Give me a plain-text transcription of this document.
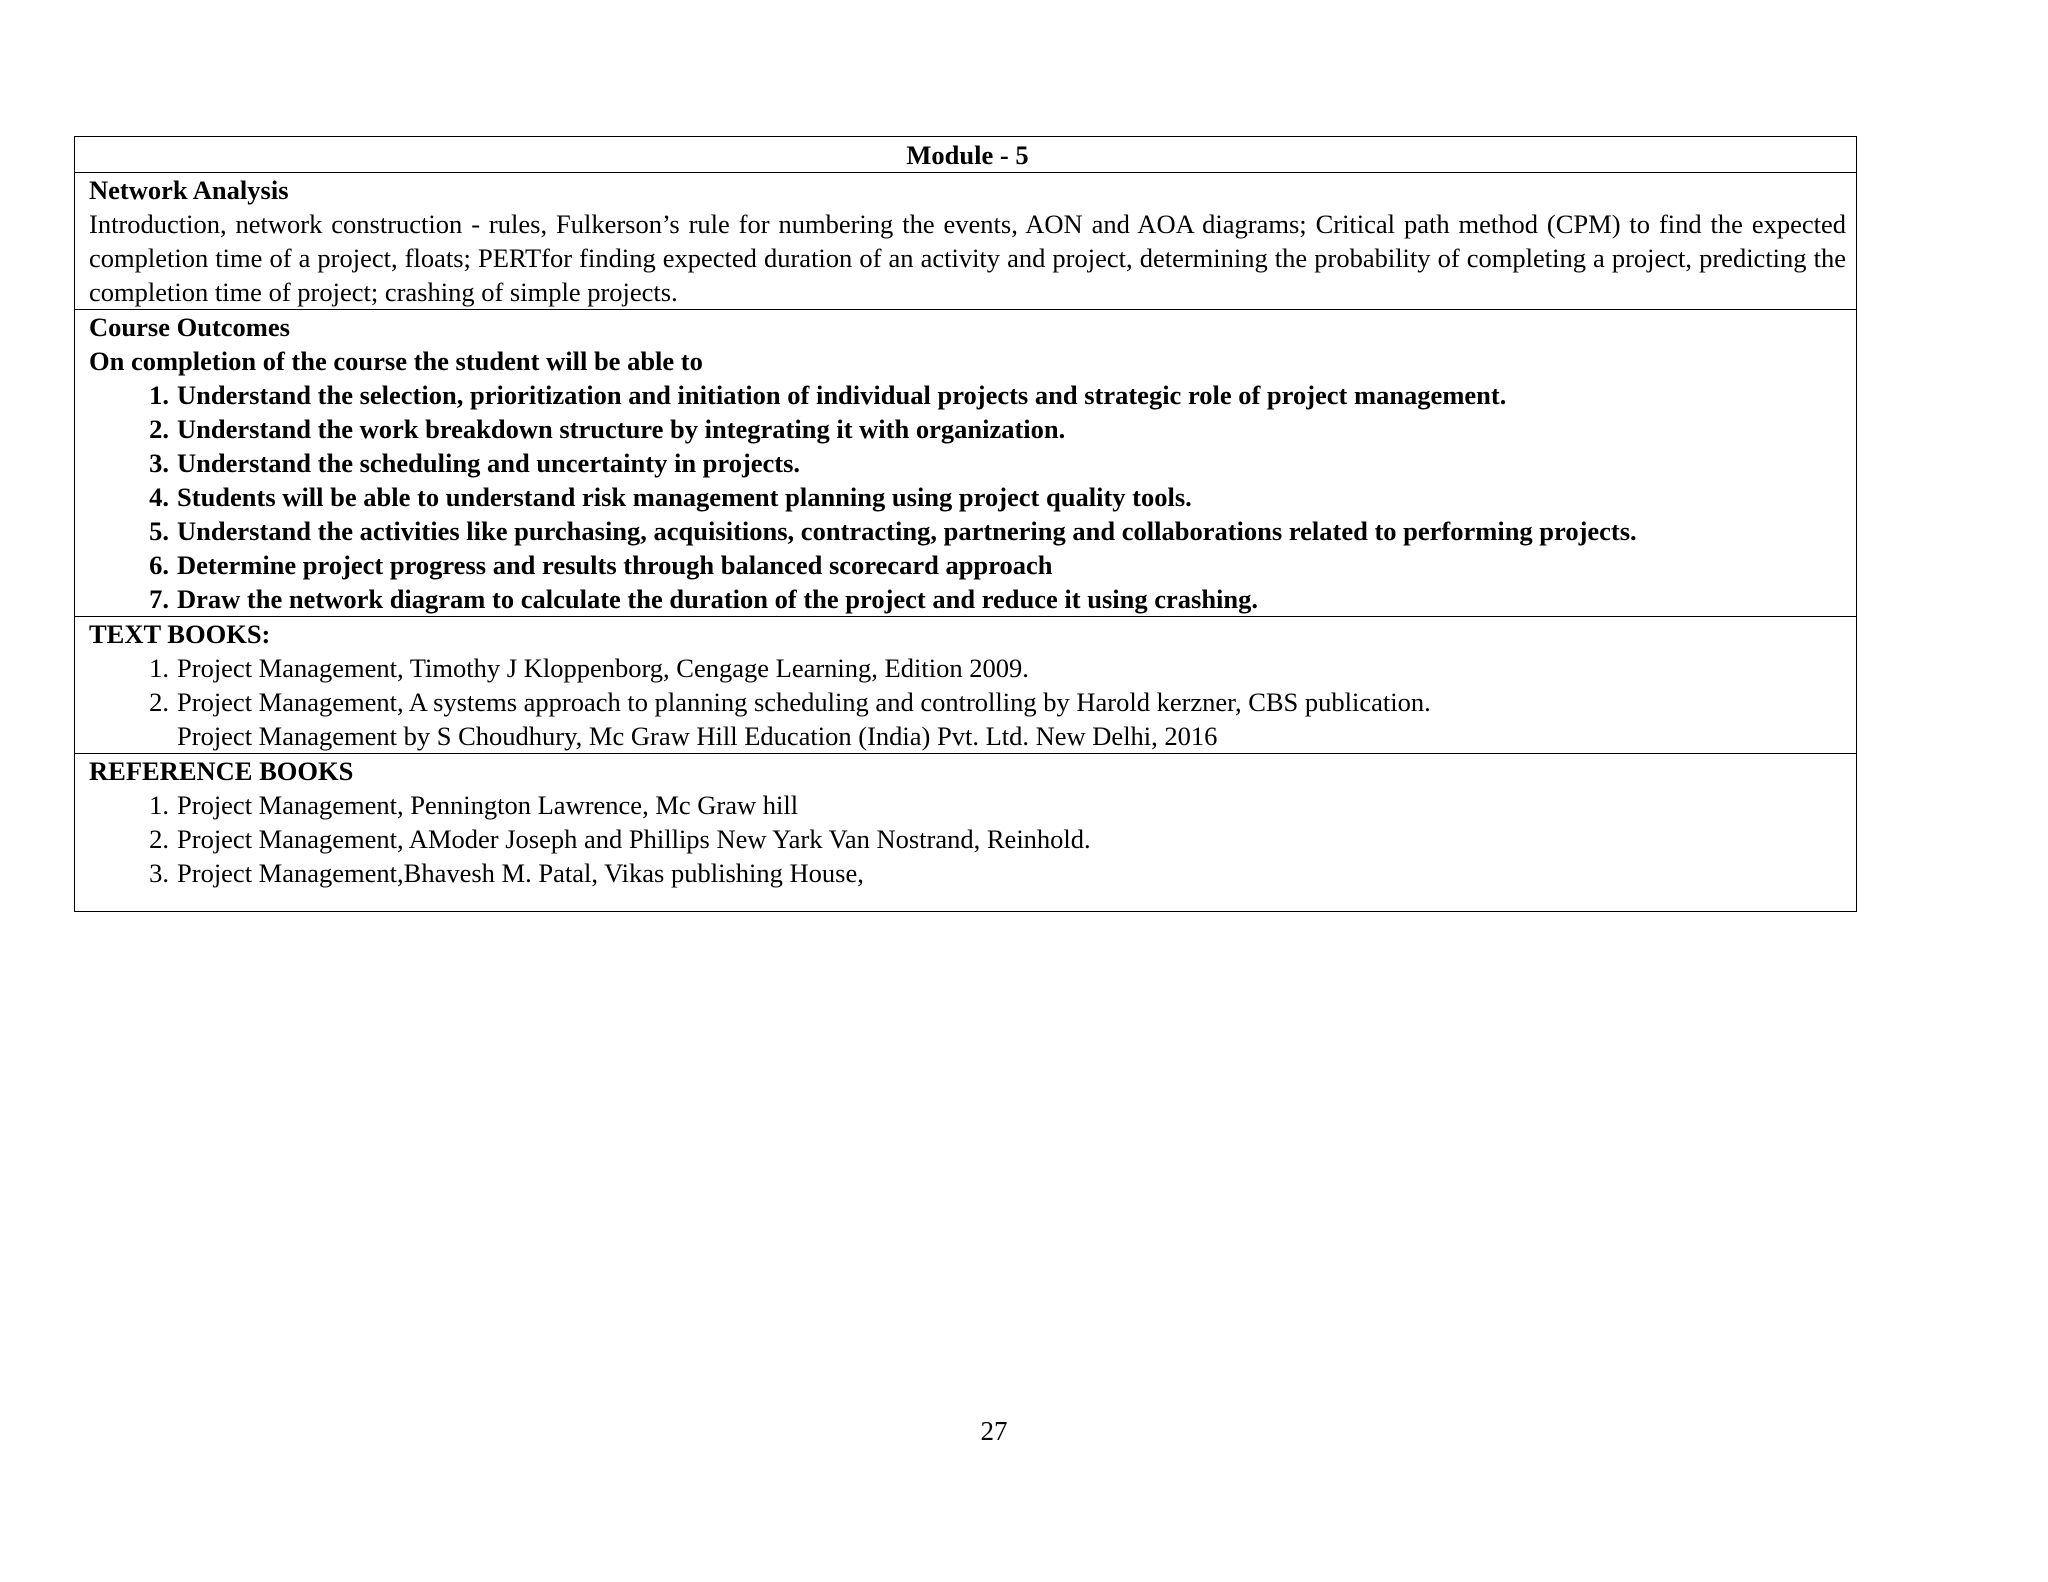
Module - 5
Network Analysis
Introduction, network construction - rules, Fulkerson’s rule for numbering the events, AON and AOA diagrams; Critical path method (CPM) to find the expected completion time of a project, floats; PERTfor finding expected duration of an activity and project, determining the probability of completing a project, predicting the completion time of project; crashing of simple projects.
Course Outcomes
On completion of the course the student will be able to
1. Understand the selection, prioritization and initiation of individual projects and strategic role of project management.
2. Understand the work breakdown structure by integrating it with organization.
3. Understand the scheduling and uncertainty in projects.
4. Students will be able to understand risk management planning using project quality tools.
5. Understand the activities like purchasing, acquisitions, contracting, partnering and collaborations related to performing projects.
6. Determine project progress and results through balanced scorecard approach
7. Draw the network diagram to calculate the duration of the project and reduce it using crashing.
TEXT BOOKS:
1. Project Management, Timothy J Kloppenborg, Cengage Learning, Edition 2009.
2. Project Management, A systems approach to planning scheduling and controlling by Harold kerzner, CBS publication.
Project Management by S Choudhury, Mc Graw Hill Education (India) Pvt. Ltd. New Delhi, 2016
REFERENCE BOOKS
1. Project Management, Pennington Lawrence, Mc Graw hill
2. Project Management, AModer Joseph and Phillips New Yark Van Nostrand, Reinhold.
3. Project Management,Bhavesh M. Patal, Vikas publishing House,
27
